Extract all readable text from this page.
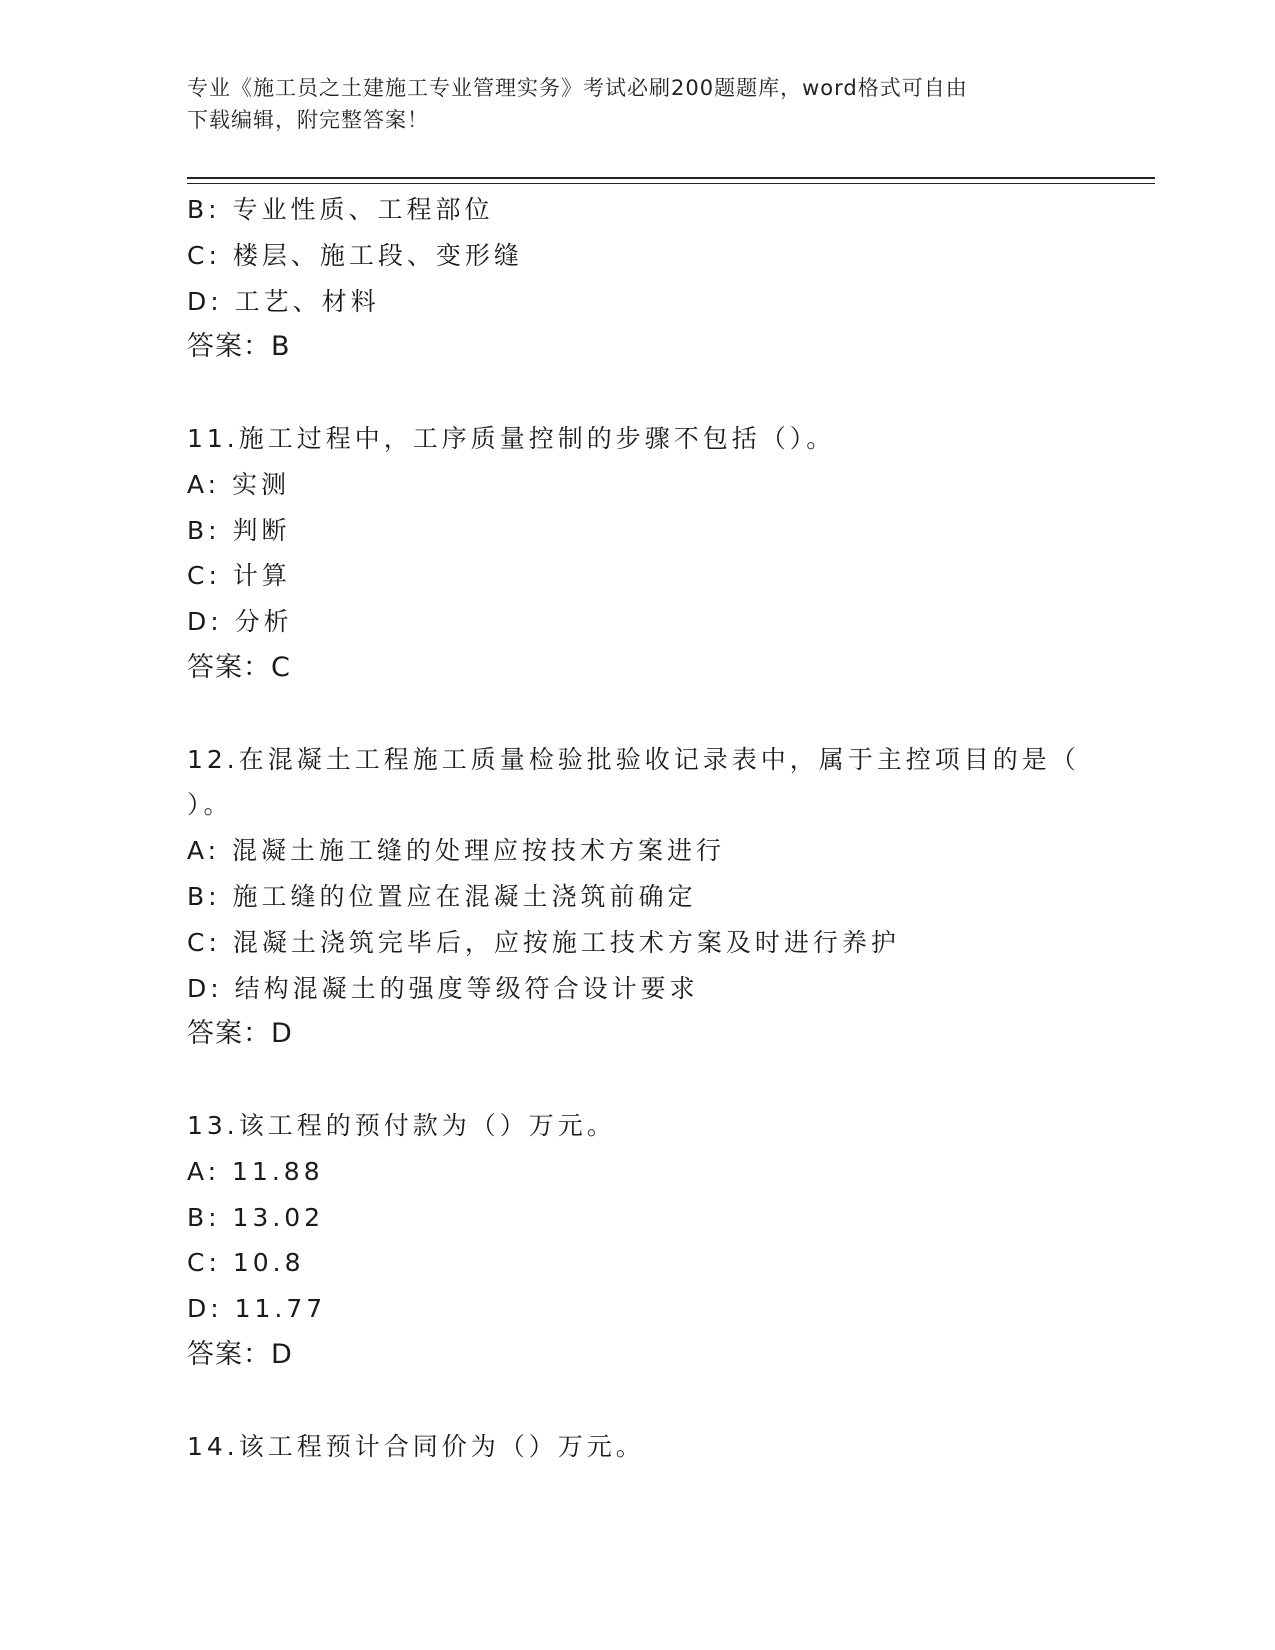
专业《施工员之土建施工专业管理实务》考试必刷200题题库，word格式可自由
下载编辑，附完整答案！
B: 专业性质、工程部位
C: 楼层、施工段、变形缝
D: 工艺、材料
答案：B
11.施工过程中，工序质量控制的步骤不包括（）。
A: 实测
B: 判断
C: 计算
D: 分析
答案：C
12.在混凝土工程施工质量检验批验收记录表中，属于主控项目的是（
）。
A: 混凝土施工缝的处理应按技术方案进行
B: 施工缝的位置应在混凝土浇筑前确定
C: 混凝土浇筑完毕后，应按施工技术方案及时进行养护
D: 结构混凝土的强度等级符合设计要求
答案：D
13.该工程的预付款为（）万元。
A: 11.88
B: 13.02
C: 10.8
D: 11.77
答案：D
14.该工程预计合同价为（）万元。
